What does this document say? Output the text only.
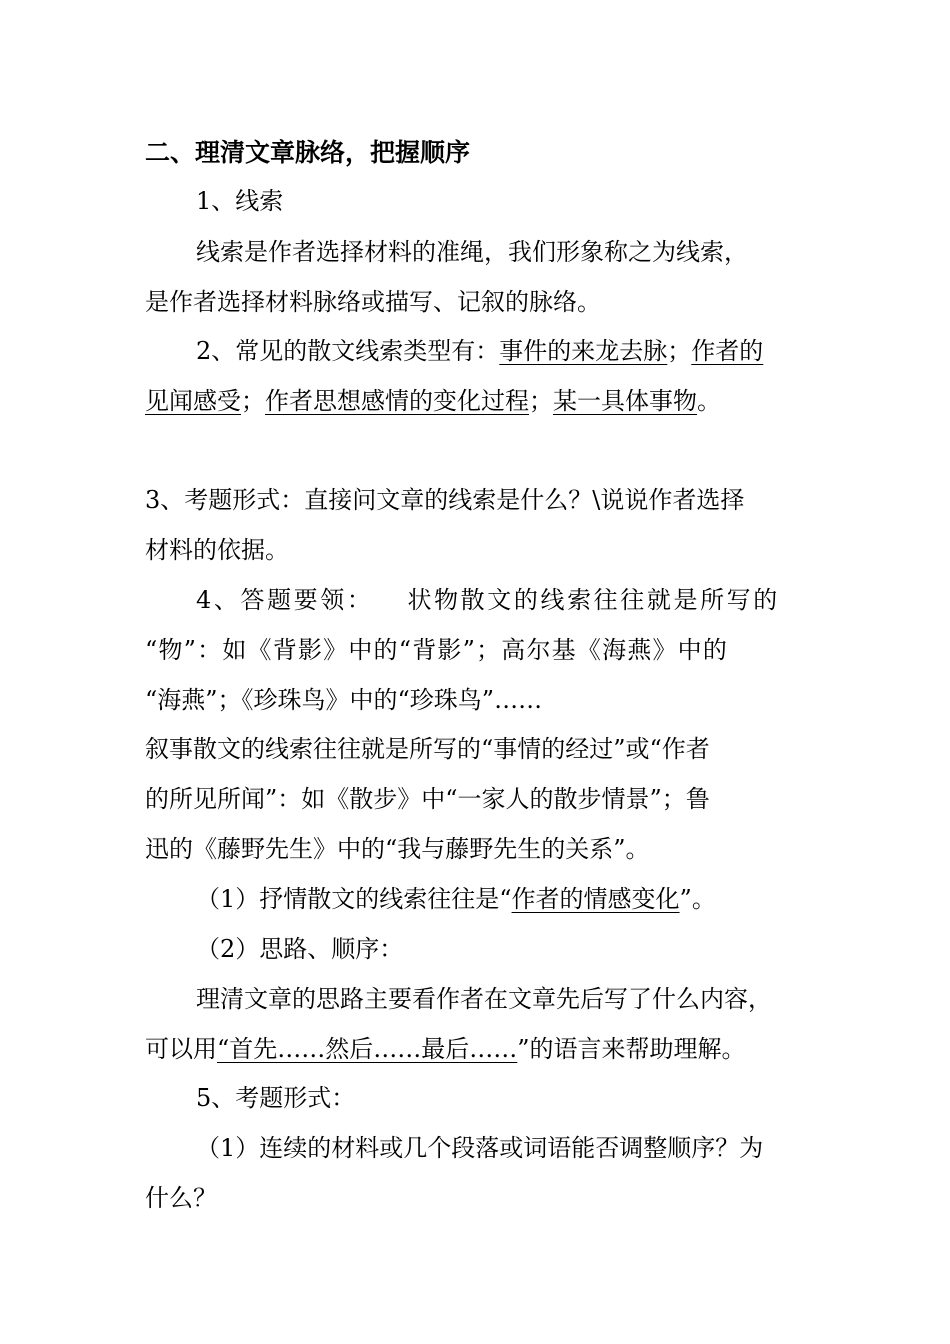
二、理清文章脉络，把握顺序
1、线索
线索是作者选择材料的准绳，我们形象称之为线索，
是作者选择材料脉络或描写、记叙的脉络。
2、常见的散文线索类型有：事件的来龙去脉；作者的
见闻感受；作者思想感情的变化过程；某一具体事物。
3、考题形式：直接问文章的线索是什么？\说说作者选择
材料的依据。
4、答题要领： 状物散文的线索往往就是所写的
“物”：如《背影》中的“背影”；高尔基《海燕》中的
“海燕”；《珍珠鸟》中的“珍珠鸟”……
叙事散文的线索往往就是所写的“事情的经过”或“作者
的所见所闻”：如《散步》中“一家人的散步情景”；鲁
迅的《藤野先生》中的“我与藤野先生的关系”。
（1）抒情散文的线索往往是“作者的情感变化”。
（2）思路、顺序：
理清文章的思路主要看作者在文章先后写了什么内容，
可以用“首先……然后……最后……”的语言来帮助理解。
5、考题形式：
（1）连续的材料或几个段落或词语能否调整顺序？为
什么？
